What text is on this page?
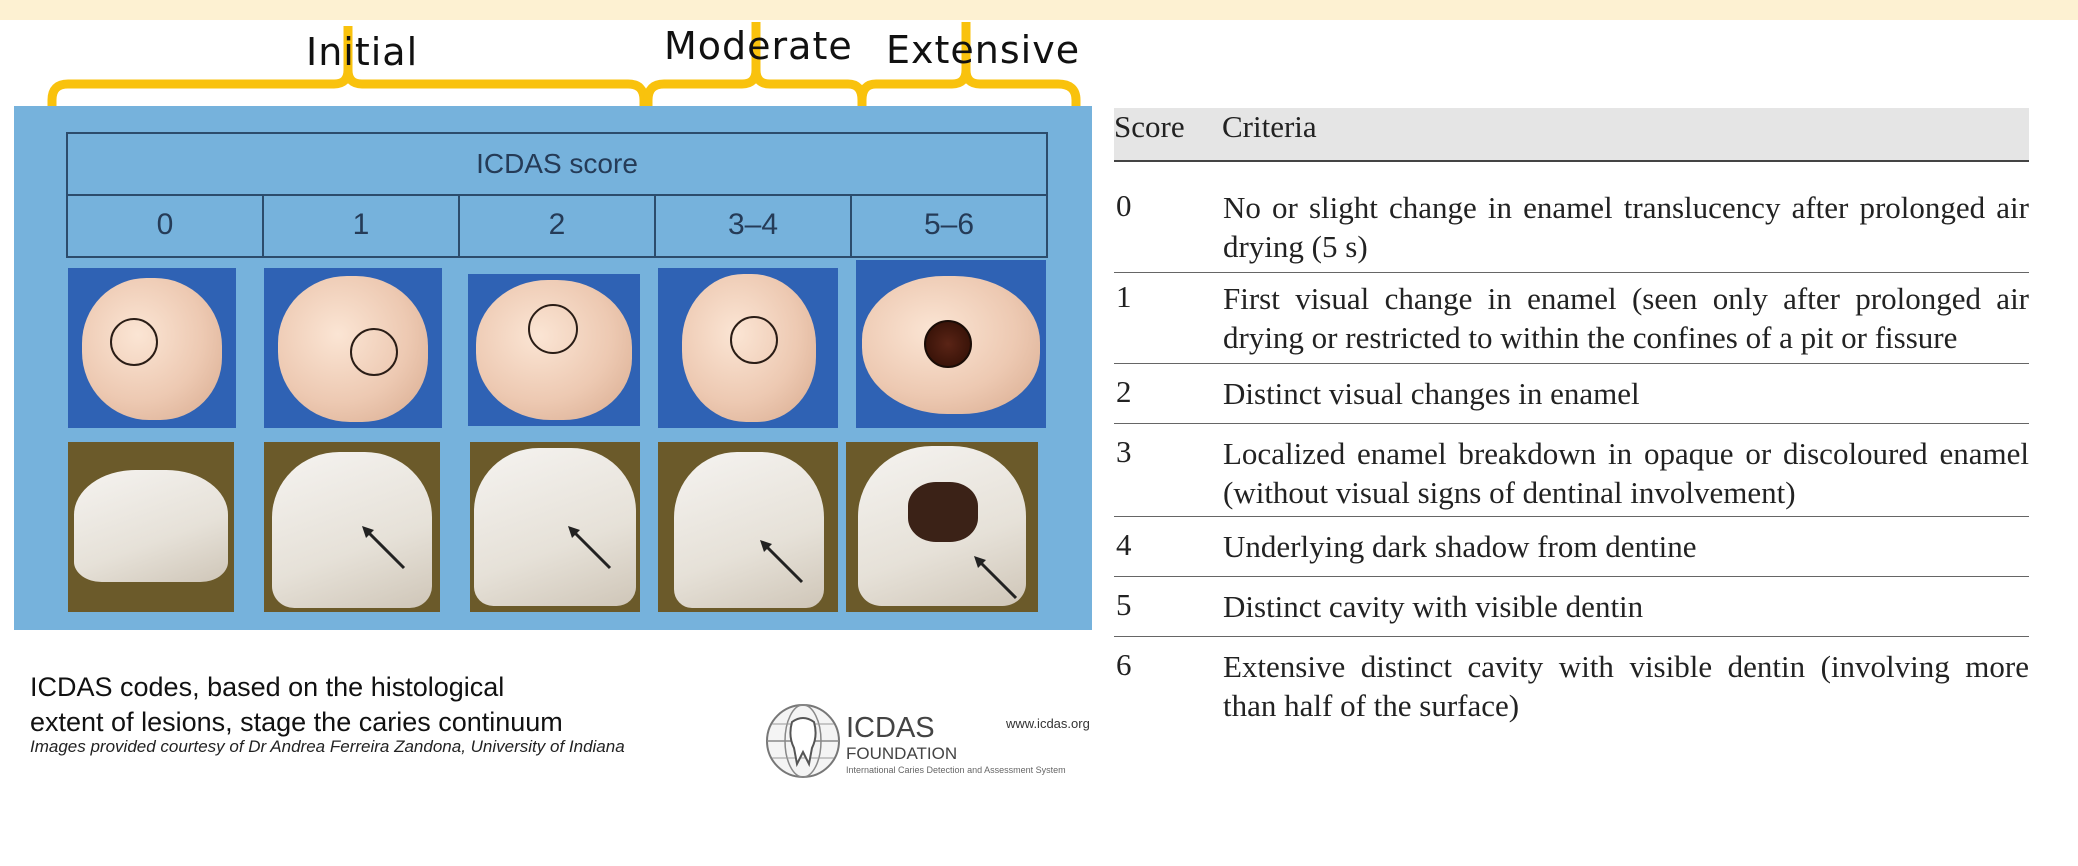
Initial	Moderate Extensive
ICDAS score
0	1	2	3–4	5–6
ICDAS codes, based on the histological
extent of lesions, stage the caries continuum
Images provided courtesy of Dr Andrea Ferreira Zandona, University of Indiana
ICDAS
FOUNDATION
International Caries Detection and Assessment System
www.icdas.org
Score Criteria
0	No or slight change in enamel translucency after prolonged air drying (5 s)
1	First visual change in enamel (seen only after prolonged air drying or restricted to within the confines of a pit or fissure
2	Distinct visual changes in enamel
3	Localized enamel breakdown in opaque or discoloured enamel (without visual signs of dentinal involvement)
4	Underlying dark shadow from dentine
5	Distinct cavity with visible dentin
6	Extensive distinct cavity with visible dentin (involving more than half of the surface)
